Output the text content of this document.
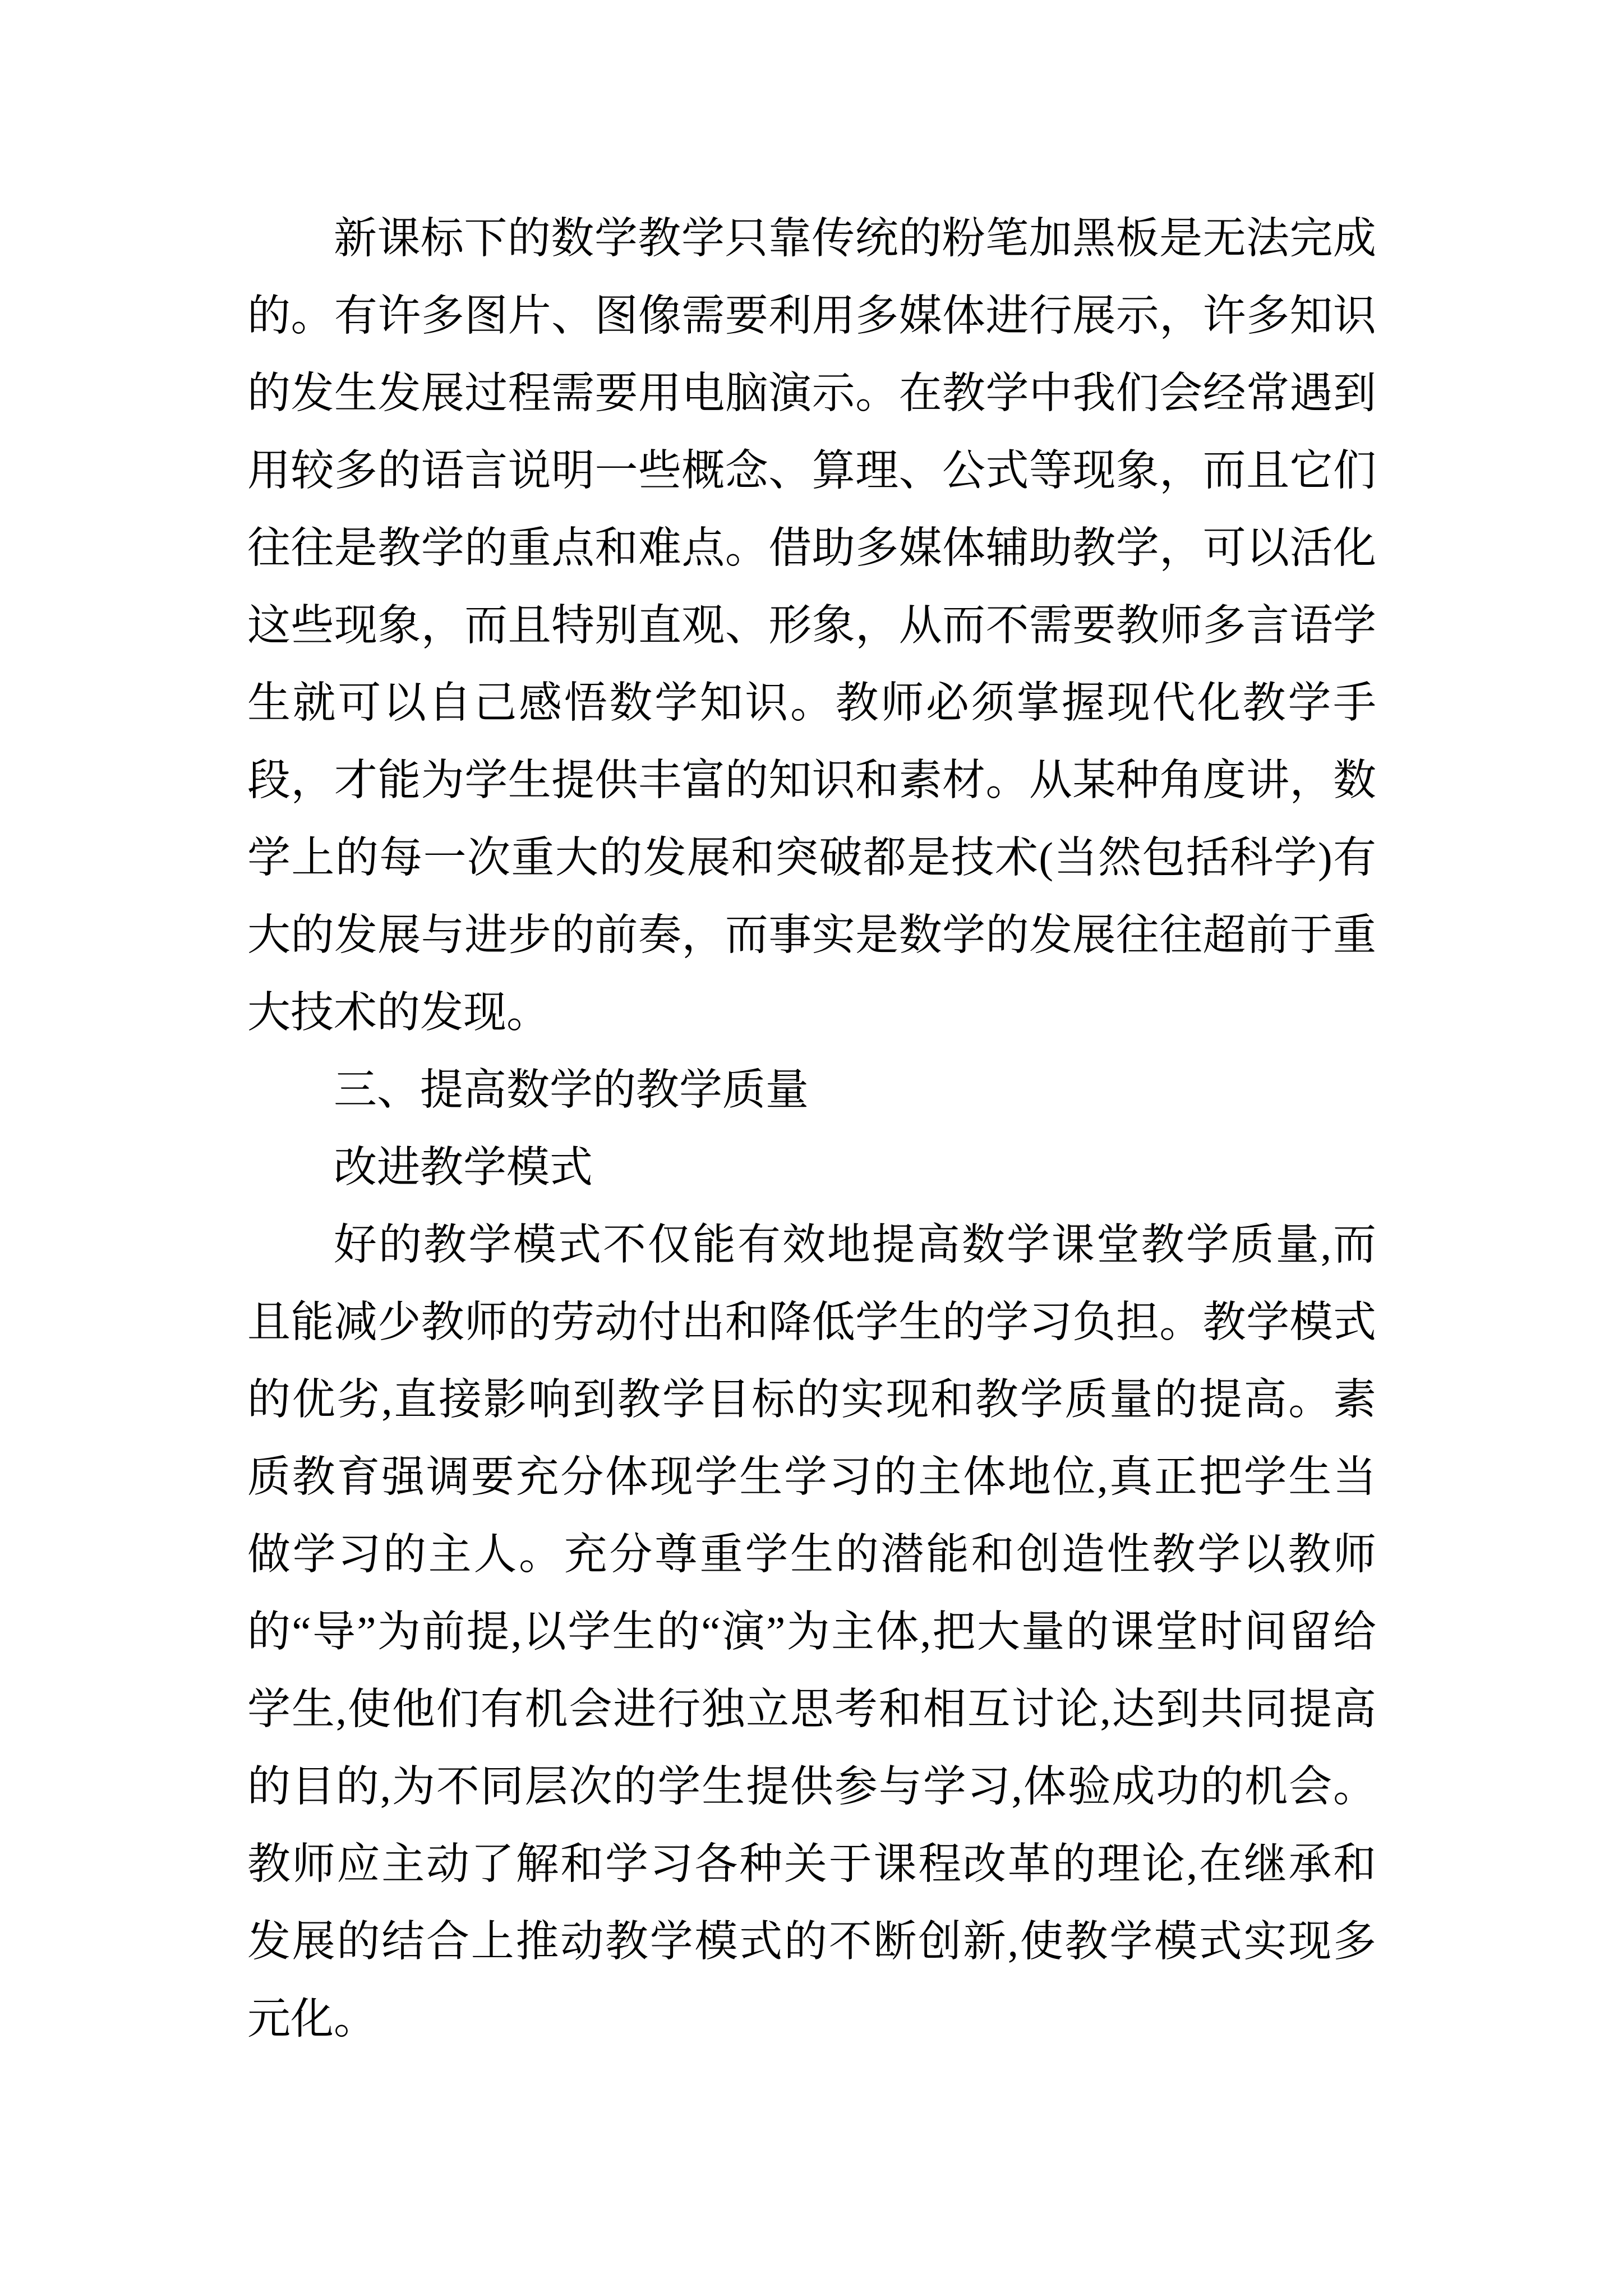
新课标下的数学教学只靠传统的粉笔加黑板是无法完成的。有许多图片、图像需要利用多媒体进行展示，许多知识的发生发展过程需要用电脑演示。在教学中我们会经常遇到用较多的语言说明一些概念、算理、公式等现象，而且它们往往是教学的重点和难点。借助多媒体辅助教学，可以活化这些现象，而且特别直观、形象，从而不需要教师多言语学生就可以自己感悟数学知识。教师必须掌握现代化教学手段，才能为学生提供丰富的知识和素材。从某种角度讲，数学上的每一次重大的发展和突破都是技术(当然包括科学)有大的发展与进步的前奏，而事实是数学的发展往往超前于重大技术的发现。

三、提高数学的教学质量

改进教学模式

好的教学模式不仅能有效地提高数学课堂教学质量,而且能减少教师的劳动付出和降低学生的学习负担。教学模式的优劣,直接影响到教学目标的实现和教学质量的提高。素质教育强调要充分体现学生学习的主体地位,真正把学生当做学习的主人。充分尊重学生的潜能和创造性教学以教师的“导”为前提,以学生的“演”为主体,把大量的课堂时间留给学生,使他们有机会进行独立思考和相互讨论,达到共同提高的目的,为不同层次的学生提供参与学习,体验成功的机会。教师应主动了解和学习各种关于课程改革的理论,在继承和发展的结合上推动教学模式的不断创新,使教学模式实现多元化。
